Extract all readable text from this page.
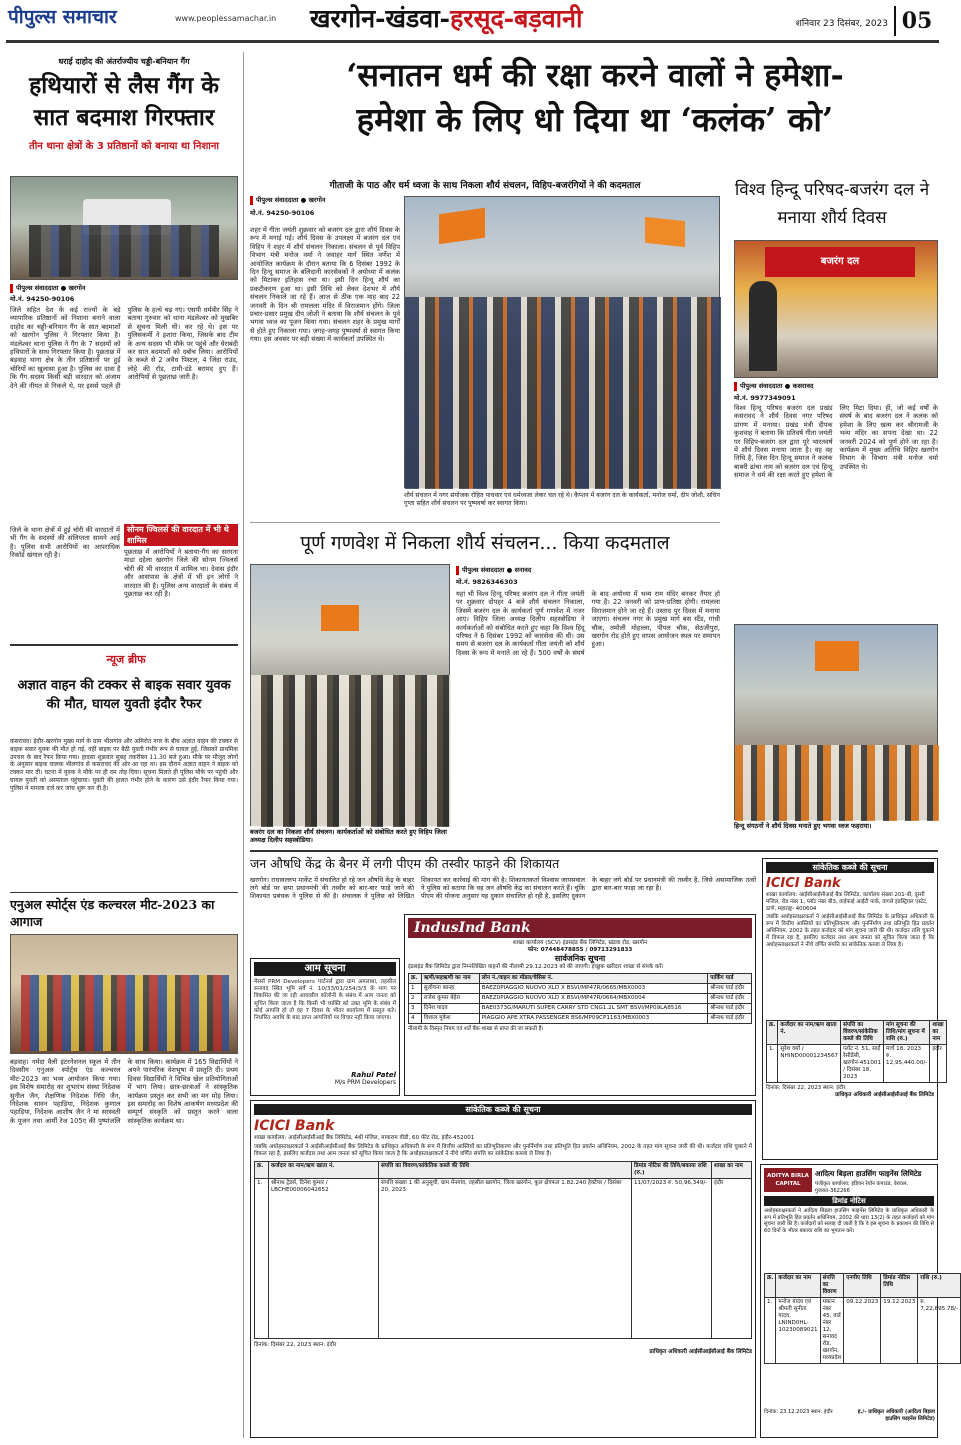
पीपुल्स समाचार	www.peoplessamachar.in	खरगोन-खंडवा-हरसूद-बड़वानी	शनिवार 23 दिसंबर, 2023 05
धराई दाहोद की अंतर्राज्यीय चड्डी-बनियान गैंग
हथियारों से लैस गैंग के सात बदमाश गिरफ्तार
तीन थाना क्षेत्रों के 3 प्रतिष्ठानों को बनाया था निशाना
पीपुल्स संवाददाता ● खरगोन
मो.नं. 94250-90106
जिले सहित देश के कई राज्यों के बड़े व्यापारिक प्रतिष्ठानों को निशाना बनाने वाला दाहोद का चड्डी-बनियान गैंग के सात बदमाशों को खरगोन पुलिस ने गिरफ्तार किया है। मंडलेश्वर थाना पुलिस ने गैंग के 7 सदस्यों को हथियारों के साथ गिरफ्तार किया है। पूछताछ में बड़वाह थाना क्षेत्र के तीन प्रतिष्ठानों पर हुई चोरियों का खुलासा हुआ है। पुलिस का दावा है कि गैंग सदस्य किसी बड़ी वारदात को अंजाम देने की नीयत से निकले थे, पर इससे पहले ही पुलिस के हत्थे चढ़ गए। एसपी धर्मवीर सिंह ने बताया गुरुवार को थाना मंडलेश्वर को मुखबिर से सूचना मिली थी। कर रहे थे। इस पर पुलिसकर्मी ने इशारा किया, जिसके बाद टीम के अन्य सदस्य भी मौके पर पहुंचे और घेराबंदी कर सात बदमाशों को दबोच लिया। आरोपियों के कब्जे से 2 अवैध पिस्टल, 4 जिंदा राउंड, लोहे की रॉड, टामी-डंडे बरामद हुए हैं। आरोपियों से पूछताछ जारी है।
सोनम ज्विलर्स की वारदात में भी थे शामिल
पूछताछ में आरोपियों ने बताया-गैंग का सरगना माडा दहेला खरगोन जिले की सोनम ज्विलर्स चोरी की भी वारदात में शामिल था। देवास इंदौर और आसपास के क्षेत्रों में भी इन लोगों ने वारदात की है। पुलिस अन्य वारदातों के संबंध में पूछताछ कर रही है।
जिले के थाना क्षेत्रों में हुई चोरी की वारदातों में भी गैंग के सदस्यों की संलिप्तता सामने आई है। पुलिस सभी आरोपियों का आपराधिक रिकॉर्ड खंगाल रही है।
न्यूज ब्रीफ
अज्ञात वाहन की टक्कर से बाइक सवार युवक की मौत, घायल युवती इंदौर रैफर
कसरावद। इंदौर-खरगोन मुख्य मार्ग के ग्राम भीलगांव और अमिरोत नगर के बीच अज्ञात वाहन की टक्कर से बाइक सवार युवक की मौत हो गई, वहीं बाइक पर बैठी युवती गंभीर रूप से घायल हुई, जिसको प्राथमिक उपचार के बाद रैफर किया गया। हादसा शुक्रवार सुबह तकरीबन 11.30 बजे हुआ। मौके पर मौजूद लोगों के अनुसार बाइक चालक भीलगांव से कसरावद की ओर आ रहा था। इस दौरान अज्ञात वाहन ने बाइक को टक्कर मार दी। घटना में युवक ने मौके पर ही दम तोड़ दिया। सूचना मिलते ही पुलिस मौके पर पहुंची और घायल युवती को अस्पताल पहुंचाया। युवती की हालत गंभीर होने के कारण उसे इंदौर रैफर किया गया। पुलिस ने मामला दर्ज कर जांच शुरू कर दी है।
एनुअल स्पोर्ट्स एंड कल्चरल मीट-2023 का आगाज
बड़वाह। नर्मदा वैली इंटरनेशनल स्कूल में तीन दिवसीय एनुअल स्पोर्ट्स एंड कल्चरल मीट-2023 का भव्य आयोजन किया गया। इस विशेष समारोह का शुभारंभ संस्था निदेशक सुनील जैन, शैक्षणिक निदेशक निधि जैन, निदेशक सावन पहाड़िया, निदेशक कुणाल पहाड़िया, निदेशक आशीष जैन ने मां सरस्वती के पूजन तथा आर्मी रेज 105ए की पुष्पांजलि के साथ किया। कार्यक्रम में 165 विद्यार्थियों ने अपने पारंपरिक वेशभूषा में प्रस्तुति दी। प्रथम दिवस विद्यार्थियों ने विभिन्न खेल प्रतियोगिताओं में भाग लिया। छात्र-छात्राओं ने सांस्कृतिक कार्यक्रम प्रस्तुत कर सभी का मन मोह लिया। इस समारोह का विशेष आकर्षण मध्यप्रदेश की सम्पूर्ण संस्कृति को प्रस्तुत करने वाला सांस्कृतिक कार्यक्रम था।
‘सनातन धर्म की रक्षा करने वालों ने हमेशा-
हमेशा के लिए धो दिया था ‘कलंक’ को’
गीताजी के पाठ और धर्म ध्वजा के साथ निकला शौर्य संचलन, विहिप-बजरंगियों ने की कदमताल
पीपुल्स संवाददाता ● खरगोन
मो.नं. 94250-90106
शहर में गीता जयंती शुक्रवार को बजरंग दल द्वारा शौर्य दिवस के रूप में मनाई गई। शौर्य दिवस के उपलक्ष्य में बजरंग दल एवं विहिप ने शहर में शौर्य संचलन निकाला। संचलन से पूर्व विहिप विभाग मंत्री मनोज वर्मा ने जवाहर मार्ग स्थित वर्णेश में आयोजित कार्यक्रम के दौरान बताया कि 6 दिसंबर 1992 के दिन हिन्दू समाज के बलिदानी कारसेवकों ने अयोध्या में कलंक को मिटाकर इतिहास रचा था। इसी दिन हिन्दू शौर्य का प्रकटीकरण हुआ था। इसी तिथि को लेकर देशभर में शौर्य संचलन निकाले जा रहे हैं। आज से ठीक एक माह बाद 22 जनवरी के दिन श्री रामलला मंदिर में विराजमान होंगे। जिला प्रचार-प्रसार प्रमुख दीप जोशी ने बताया कि शौर्य संचलन के पूर्व भगवा ध्वज का पूजन किया गया। संचलन शहर के प्रमुख मार्गों से होते हुए निकाला गया। जगह-जगह पुष्पवर्षा से स्वागत किया गया। इस अवसर पर बड़ी संख्या में कार्यकर्ता उपस्थित थे।
शौर्य संचलन में नगर संयोजक रोहित पाचवार एवं धर्मध्वजा लेकर चल रहे थे। कैप्शन में बजरंग दल के कार्यकर्ता, मनोज वर्मा, दीप जोशी, सचिन गुप्ता सहित शौर्य संचलन पर पुष्पवर्षा कर स्वागत किया।
विश्व हिन्दू परिषद-बजरंग दल ने मनाया शौर्य दिवस
बजरंग दल
पीपुल्स संवाददाता ● कसरावद
मो.नं. 9977349091
विश्व हिन्दू परिषद बजरंग दल प्रखंड कसरावद ने शौर्य दिवस नगर परिषद प्रांगण में मनाया। प्रखंड मंत्री दीपक कुशवाह ने बताया कि प्रतिवर्ष गीता जयंती पर विहिप-बजरंग दल द्वारा पूरे भारतवर्ष में शौर्य दिवस मनाया जाता है। वह वह तिथि है, जिस दिन हिन्दू समाज ने कलंक बाबरी ढांचा नाम को बजरंग दल एवं हिन्दू समाज ने धर्म की रक्षा करते हुए हमेशा के लिए मिटा दिया। ही, जो कई वर्षों के संघर्ष के बाद बजरंग दल ने कलंक को हमेशा के लिए खत्म कर श्रीरामजी के भव्य मंदिर का सपना देखा था। 22 जनवरी 2024 को पूर्ण होने जा रहा है। कार्यक्रम में मुख्य अतिथि विहिप खरगोन विभाग के विभाग मंत्री मनोज वर्मा उपस्थित थे।
पूर्ण गणवेश में निकला शौर्य संचलन... किया कदमताल
बजरंग दल का निकला शौर्य संचलन। कार्यकर्ताओं को संबोधित करते हुए विहिप जिला अध्यक्ष दिलीप सहस्त्रोडिया।
पीपुल्स संवाददाता ● सनावद
मो.नं. 9826346303
यहां भी विश्व हिन्दू परिषद बजरंग दल ने गीता जयंती पर शुक्रवार दोपहर 4 बजे शौर्य संचलन निकाला, जिसमें बजरंग दल के कार्यकर्ता पूर्ण गणवेश में नजर आए। विहिप जिला अध्यक्ष दिलीप सहस्त्रोडिया ने कार्यकर्ताओं को संबोधित करते हुए कहा कि विश्व हिंदू परिषद ने 6 दिसंबर 1992 को कारसेवा की थी। उस समय से बजरंग दल के कार्यकर्ता गीता जयंती को शौर्य दिवस के रूप में मनाते आ रहे हैं। 500 वर्षों के संघर्ष के बाद अयोध्या में भव्य राम मंदिर बनकर तैयार हो गया है। 22 जनवरी को प्राण-प्रतिष्ठा होगी। रामलला विराजमान होने जा रहे हैं। उस्ताद पुर दिवस में मनाया जाएगा। संचलन नगर के प्रमुख मार्ग बस स्टैंड, गांधी चौक, तमोली मोहल्ला, पीपल चौक, सेठजीपुरा, खरगोन रोड होते हुए वापस आयोजन स्थल पर समापन हुआ।
हिन्दू संगठनों ने शौर्य दिवस मनाते हुए भगवा ध्वज फहराया।
जन औषधि केंद्र के बैनर में लगी पीएम की तस्वीर फाड़ने की शिकायत
खरगोन। राधावल्लभ मार्केट में संचालित हो रहे जन औषधि केंद्र के बाहर लगे बोर्ड पर छपा प्रधानमंत्री की तस्वीर को बार-बार फाड़े जाने की शिकायत प्रबंधक ने पुलिस से की है। संचालक ने पुलिस को लिखित शिकायत कर कार्रवाई की मांग की है। शिकायतकर्ता विश्वास जायसवाल ने पुलिस को बताया कि वह जन औषधि केंद्र का संचालन करते हैं। चूंकि पीएम की योजना अनुसार यह दुकान संचालित हो रही है, इसलिए दुकान के बाहर लगे बोर्ड पर प्रधानमंत्री की तस्वीर है, जिसे असामाजिक तत्वों द्वारा बार-बार फाड़ा जा रहा है।
आम सूचना
मेसर्स PRM Developers पार्टनर्स द्वारा ग्राम अमलाथा, तहसील सनावद स्थित भूमि सर्वे नं. 10/33/01/254/3/3 के भाग पर विकसित की जा रही आवासीय कॉलोनी के संबंध में आम जनता को सूचित किया जाता है कि किसी भी व्यक्ति को उक्त भूमि के संबंध में कोई आपत्ति हो तो वह 7 दिवस के भीतर कार्यालय में प्रस्तुत करे। निर्धारित अवधि के बाद प्राप्त आपत्तियों पर विचार नहीं किया जाएगा।
Rahul Patel
M/s PRM Developers
IndusInd Bank
शाखा कार्यालय (SCV) इंडसइंड बैंक लिमिटेड, खंडवा रोड, खरगोन
फोन: 07448478855 / 09713291833
सार्वजनिक सूचना
इंडसइंड बैंक लिमिटेड द्वारा निम्नलिखित वाहनों की नीलामी 29.12.2023 को की जाएगी। इच्छुक खरीदार शाखा से संपर्क करें।
क्र.	ऋणी/सहऋणी का नाम	लोन नं./वाहन का मॉडल/चेसिस नं.	पार्किंग यार्ड
1	सुलोचना कान्हा	BAEZ0PIAGGIO NUOVO XLD X BSVI/MP47R/0665/MBX0003	श्रीनाथ यार्ड इंदौर
2	राजेश कुमार बेहेरा	BAEZ0PIAGGIO NUOVO XLD X BSVI/MP47R/0664/MBX0004	श्रीनाथ यार्ड इंदौर
3	दिनेश यादव	BAE0373G/MARUTI SUPER CARRY STD CNG1.2L SMT BSVI/MP09LA8516	श्रीनाथ यार्ड इंदौर
4	विशाल मुकेश	PIAGGIO APE XTRA PASSENGER BS6/MP09CP1163/MBX0003	श्रीनाथ यार्ड इंदौर
नीलामी के विस्तृत नियम एवं शर्तें बैंक शाखा से प्राप्त की जा सकती हैं।
सांकेतिक कब्जे की सूचना
ICICI Bank
शाखा कार्यालय: आईसीआईसीआई बैंक लिमिटेड, कार्यालय संख्या 201-बी, दूसरी मंजिल, रोड नंबर 1, प्लॉट नंबर बी3, वाईफाई आईटी पार्क, वागले इंडस्ट्रियल एस्टेट, ठाणे, महाराष्ट्र- 400604
जबकि अधोहस्ताक्षरकर्ता ने आईसीआईसीआई बैंक लिमिटेड के प्राधिकृत अधिकारी के रूप में वित्तीय आस्तियों का प्रतिभूतिकरण और पुनर्निर्माण तथा प्रतिभूति हित प्रवर्तन अधिनियम, 2002 के तहत कर्जदार को मांग सूचना जारी की थी। कर्जदार राशि चुकाने में विफल रहा है, इसलिए कर्जदार तथा आम जनता को सूचित किया जाता है कि अधोहस्ताक्षरकर्ता ने नीचे वर्णित संपत्ति का सांकेतिक कब्जा ले लिया है।
क्र.	कर्जदार का नाम/ऋण खाता नं.	संपत्ति का विवरण/सांकेतिक कब्जे की तिथि	मांग सूचना की तिथि/मांग सूचना में राशि (रु.)	शाखा का नाम
1.	सुरेश वर्मा / NHIND00001234567	प्लॉट नं. 51, साईं रेसीडेंसी, खरगोन-451001 / दिसंबर 18, 2023	मार्च 18, 2023 रु. 12,95,440.00/-	इंदौर
दिनांक: दिसंबर 22, 2023 स्थान: इंदौर
प्राधिकृत अधिकारी आईसीआईसीआई बैंक लिमिटेड
सांकेतिक कब्जे की सूचना
ICICI Bank
शाखा कार्यालय: आईसीआईसीआई बैंक लिमिटेड, 4थी मंजिल, मायाराम वीडी, 60 फीट रोड, इंदौर-452001
जबकि अधोहस्ताक्षरकर्ता ने आईसीआईसीआई बैंक लिमिटेड के प्राधिकृत अधिकारी के रूप में वित्तीय आस्तियों का प्रतिभूतिकरण और पुनर्निर्माण तथा प्रतिभूति हित प्रवर्तन अधिनियम, 2002 के तहत मांग सूचना जारी की थी। कर्जदार राशि चुकाने में विफल रहा है, इसलिए कर्जदार तथा आम जनता को सूचित किया जाता है कि अधोहस्ताक्षरकर्ता ने नीचे वर्णित संपत्ति का सांकेतिक कब्जा ले लिया है।
क्र.	कर्जदार का नाम/ऋण खाता नं.	संपत्ति का विवरण/सांकेतिक कब्जे की तिथि	डिमांड नोटिस की तिथि/बकाया राशि (रु.)	शाखा का नाम
1.	श्रीनाथ ट्रेडर्स, दिनेश कुमार / LBCHE00006042652	संपत्ति संख्या 1 की अनुसूची, ग्राम मेनगांव, तहसील खरगोन, जिला खरगोन, कुल क्षेत्रफल 1.82.240 हेक्टेयर / दिसंबर 20, 2023	11/07/2023 रु. 50,96,349/-	इंदौर
दिनांक: दिसंबर 22, 2023 स्थान: इंदौर
प्राधिकृत अधिकारी आईसीआईसीआई बैंक लिमिटेड
ADITYA BIRLA
CAPITAL
आदित्य बिड़ला हाउसिंग फाइनेंस लिमिटेड
पंजीकृत कार्यालय: इंडियन रेयॉन कंपाउंड, वेरावल, गुजरात-362266
डिमांड नोटिस
अधोहस्ताक्षरकर्ता ने आदित्य बिड़ला हाउसिंग फाइनेंस लिमिटेड के प्राधिकृत अधिकारी के रूप में प्रतिभूति हित प्रवर्तन अधिनियम, 2002 की धारा 13(2) के तहत कर्जदारों को मांग सूचना जारी की है। कर्जदारों को सलाह दी जाती है कि वे इस सूचना के प्रकाशन की तिथि से 60 दिनों के भीतर बकाया राशि का भुगतान करें।
क्र.	कर्जदार का नाम	संपत्ति का विवरण	एनपीए तिथि	डिमांड नोटिस तिथि	राशि (रु.)
1.	मनोज यादव एवं श्रीमती सुनीता यादव, LNIND0HL-10230089021	मकान नंबर 45, वार्ड नंबर 12, सनावद रोड, खरगोन, मध्यप्रदेश	09.12.2023	19.12.2023	रु. 7,22,895.78/-
दिनांक: 23.12.2023 स्थान: इंदौर	ह./- प्राधिकृत अधिकारी (आदित्य बिड़ला हाउसिंग फाइनेंस लिमिटेड)
